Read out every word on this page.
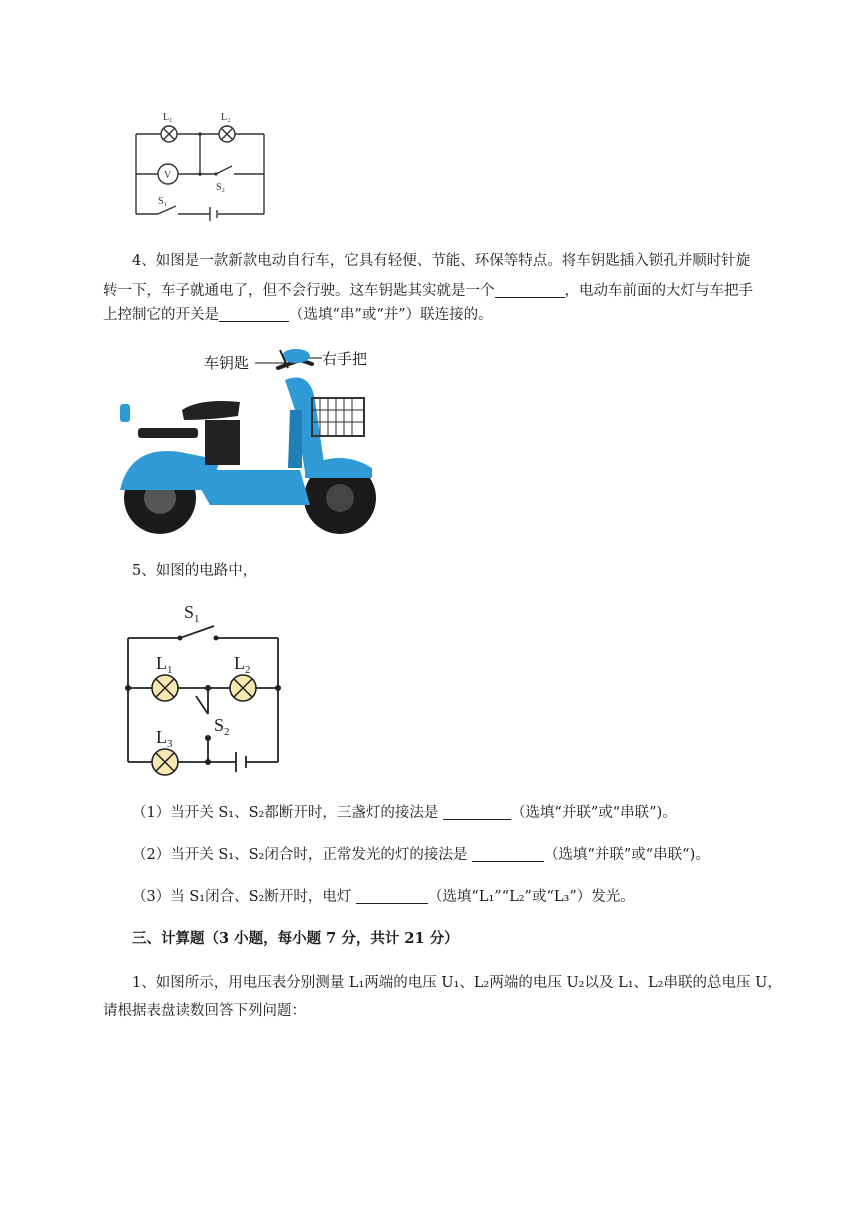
L₁	L₂
V
S₂
S₁
4、如图是一款新款电动自行车，它具有轻便、节能、环保等特点。将车钥匙插入锁孔并顺时针旋
转一下，车子就通电了，但不会行驶。这车钥匙其实就是一个	，电动车前面的大灯与车把手
上控制它的开关是	（选填“串”或“并”）联连接的。
车钥匙	右手把
5、如图的电路中，
$S_1$
$L_1$	$L_2$
$L_3$
$S_2$
（1）当开关 S₁、S₂都断开时，三盏灯的接法是	（选填“并联”或“串联”)。
（2）当开关 S₁、S₂闭合时，正常发光的灯的接法是	（选填“并联”或“串联“)。
（3）当 S₁闭合、S₂断开时，电灯	（选填“L₁”“L₂”或“L₃”）发光。
三、计算题（3 小题，每小题 7 分，共计 21 分）
1、如图所示，用电压表分别测量 L₁两端的电压 U₁、L₂两端的电压 U₂以及 L₁、L₂串联的总电压 U，
请根据表盘读数回答下列问题：
